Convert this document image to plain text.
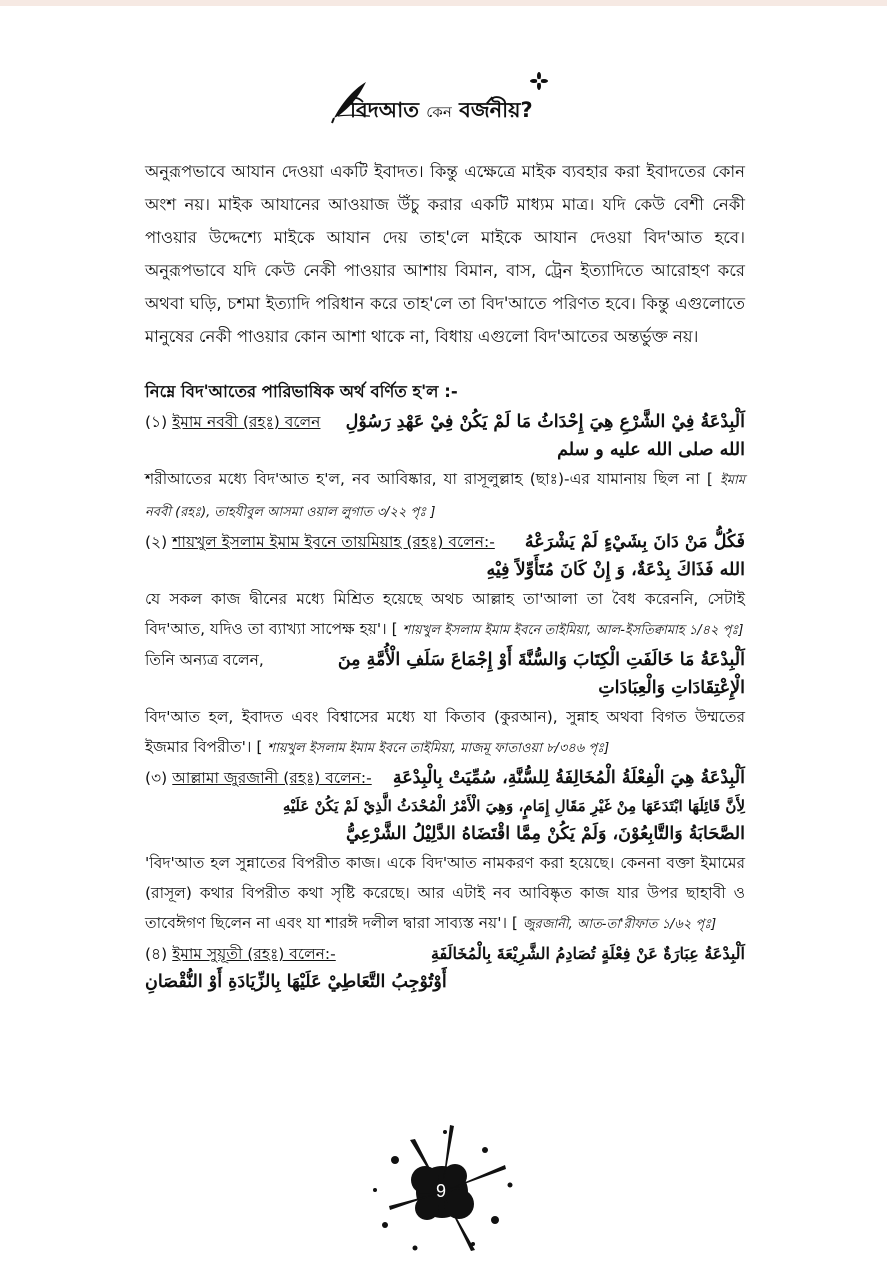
বিদআত কেন বর্জনীয়?

অনুরূপভাবে আযান দেওয়া একটি ইবাদত। কিন্তু এক্ষেত্রে মাইক ব্যবহার করা ইবাদতের কোন অংশ নয়। মাইক আযানের আওয়াজ উঁচু করার একটি মাধ্যম মাত্র। যদি কেউ বেশী নেকী পাওয়ার উদ্দেশ্যে মাইকে আযান দেয় তাহ'লে মাইকে আযান দেওয়া বিদ'আত হবে। অনুরূপভাবে যদি কেউ নেকী পাওয়ার আশায় বিমান, বাস, ট্রেন ইত্যাদিতে আরোহণ করে অথবা ঘড়ি, চশমা ইত্যাদি পরিধান করে তাহ'লে তা বিদ'আতে পরিণত হবে। কিন্তু এগুলোতে মানুষের নেকী পাওয়ার কোন আশা থাকে না, বিধায় এগুলো বিদ'আতের অন্তর্ভুক্ত নয়।

নিম্নে বিদ'আতের পারিভাষিক অর্থ বর্ণিত হ'ল :-
(১) ইমাম নববী (রহঃ) বলেন اَلْبِدْعَةُ فِيْ الشَّرْعِ هِيَ إِحْدَاثُ مَا لَمْ يَكُنْ فِيْ عَهْدِ رَسُوْلِ
الله صلى الله عليه و سلم

শরীআতের মধ্যে বিদ'আত হ'ল, নব আবিষ্কার, যা রাসূলুল্লাহ (ছাঃ)-এর যামানায় ছিল না [ ইমাম নববী (রহঃ), তাহযীবুল আসমা ওয়াল লুগাত ৩/২২ পৃঃ ]

(২) শায়খুল ইসলাম ইমাম ইবনে তায়মিয়াহ (রহঃ) বলেন:- فَكُلُّ مَنْ دَانَ بِشَيْءٍ لَمْ يَشْرَعْهُ
الله فَذَاكَ بِدْعَةٌ، وَ إِنْ كَانَ مُتَأَوِّلاً فِيْهِ

যে সকল কাজ দ্বীনের মধ্যে মিশ্রিত হয়েছে অথচ আল্লাহ তা'আলা তা বৈধ করেননি, সেটাই বিদ'আত, যদিও তা ব্যাখ্যা সাপেক্ষ হয়'। [ শায়খুল ইসলাম ইমাম ইবনে তাইমিয়া, আল-ইসতিক্বামাহ ১/৪২ পৃঃ]

তিনি অন্যত্র বলেন,	اَلْبِدْعَةُ مَا خَالَفَتِ الْكِتَابَ وَالسُّنَّةَ أَوْ إِجْمَاعَ سَلَفِ الْأُمَّةِ مِنَ
الْإِعْتِقَادَاتِ وَالْعِبَادَاتِ

বিদ'আত হল, ইবাদত এবং বিশ্বাসের মধ্যে যা কিতাব (কুরআন), সুন্নাহ অথবা বিগত উম্মতের ইজমার বিপরীত'। [ শায়খুল ইসলাম ইমাম ইবনে তাইমিয়া, মাজমূ ফাতাওয়া ৮/৩৪৬ পৃঃ]

(৩) আল্লামা জুরজানী (রহঃ) বলেন:- اَلْبِدْعَةُ هِيَ الْفِعْلَةُ الْمُخَالِفَةُ لِلسُّنَّةِ، سُمِّيَتْ بِالْبِدْعَةِ
لِأَنَّ قَائِلَهَا ابْتَدَعَهَا مِنْ غَيْرِ مَقَالِ إِمَامٍ، وَهِيَ الْأَمْرُ الْمُحْدَثُ الَّذِيْ لَمْ يَكُنْ عَلَيْهِ
الصَّحَابَةُ وَالتَّابِعُوْنَ، وَلَمْ يَكُنْ مِمَّا اقْتَضَاهُ الدَّلِيْلُ الشَّرْعِيُّ

'বিদ'আত হল সুন্নাতের বিপরীত কাজ। একে বিদ'আত নামকরণ করা হয়েছে। কেননা বক্তা ইমামের (রাসূল) কথার বিপরীত কথা সৃষ্টি করেছে। আর এটাই নব আবিষ্কৃত কাজ যার উপর ছাহাবী ও তাবেঈগণ ছিলেন না এবং যা শারঈ দলীল দ্বারা সাব্যস্ত নয়'। [ জুরজানী, আত-তা'রীফাত ১/৬২ পৃঃ]

(৪) ইমাম সুয়ূতী (রহঃ) বলেন:-	اَلْبِدْعَةُ عِبَارَةٌ عَنْ فِعْلَةٍ تُصَادِمُ الشَّرِيْعَةَ بِالْمُخَالَفَةِ
أَوْتُوْجِبُ التَّعَاطِيْ عَلَيْهَا بِالزِّيَادَةِ أَوْ النُّقْصَانِ
9
